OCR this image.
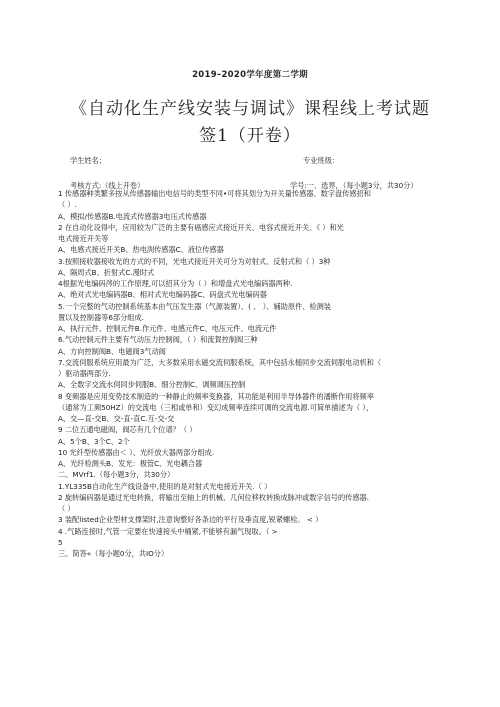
2019–2020学年度第二学期
《自动化生产线安装与调试》课程线上考试题
签1（开卷）
学生姓名；	专业班级：
考核方式:（线上开卷）	学号:一、选界，（每小题3分，共30分）
1 传感器种类繁多按从传感器输出电信号的类型不同•可将其划分为开关量传感器、数字盘传感招和
（ ）.
A、模拟/传感器B.电流式传感器3电压式传感器
2 在自动化设得中，应用较为广泛的主要有癌感应式接近开关、电容式接近开关、《 ）和光
电式接近开关等
A、电感式接近开关B、热电渕传感器C、液位传感器
3.按照接收器接收光的方式的不同，光电式接近开关可分为对射式、反射式和（ ）3种
A、隔周式B、折射式C.漫时式
4根据光电编码涔的工作原理,可以招其分为（ ）和增盘式光电编码器两种.
A、绝对式光电编码器B、相对式光电编码器C、码盘式光电编码器
5.一个完整的气动控制系统基本由气压发生器（气源装置）、( 、 ）、辅助原件、检测装
置以及控制器等6部分组成.
A、执行元件、控制元件B.作元件、电感元件C、电压元件、电流元件
6.气动控制元件主要有气动压力控制阀，（ ）和流賀控制阀三种
A、方向控制阀B、电磁阀3气动阀
7.交流伺服系统应用最为广泛，大多数采用永磁交流伺服系统，其中包括永槌同步交流伺服电动机和（
）驱动器两部分.
A、全数字交流水伺同步伺服B、细分控制C、调频调压控制
8 变频器是应用变势技术制造的一种静止的频率变换器，其功能是利用半导体器件的潘断作用将频率
（通常为工频50HZ）的交流电（三相或单和）变幻成频率连续可调的交流电源.可简单描述为（ ），
A、交—直-交B、交-直-直C.互-交-交
9 二位五通电磁阀，阀芯有几个位谱？（ ）
A、5个B、3个C、2个
10 光纤型传感器由＜ ）、光纤放大器两部分组成.
A、光纤检测头B、发光：极管C、光电耦合器
二、MVrf1.（每小题3分，共30分）
1.YL335B自动化生产线设备中,使用的是对射式光电接近开关.（ ）
2 旋转编码器是通过光电转换，将输出至轴上的机械、几何位移枚转换成脉冲或数字信号的传感器.
（ ）
3 装配listed企业型材支撑架时,注意询整好各条边的平行及垂直度,锐紧螺栓。 < ）
4 .气路连接时,气管一定要在快速接头中桶紧,不能够有漏气现取。（ >
5
三、简答«（每小题0分，共IO分）
